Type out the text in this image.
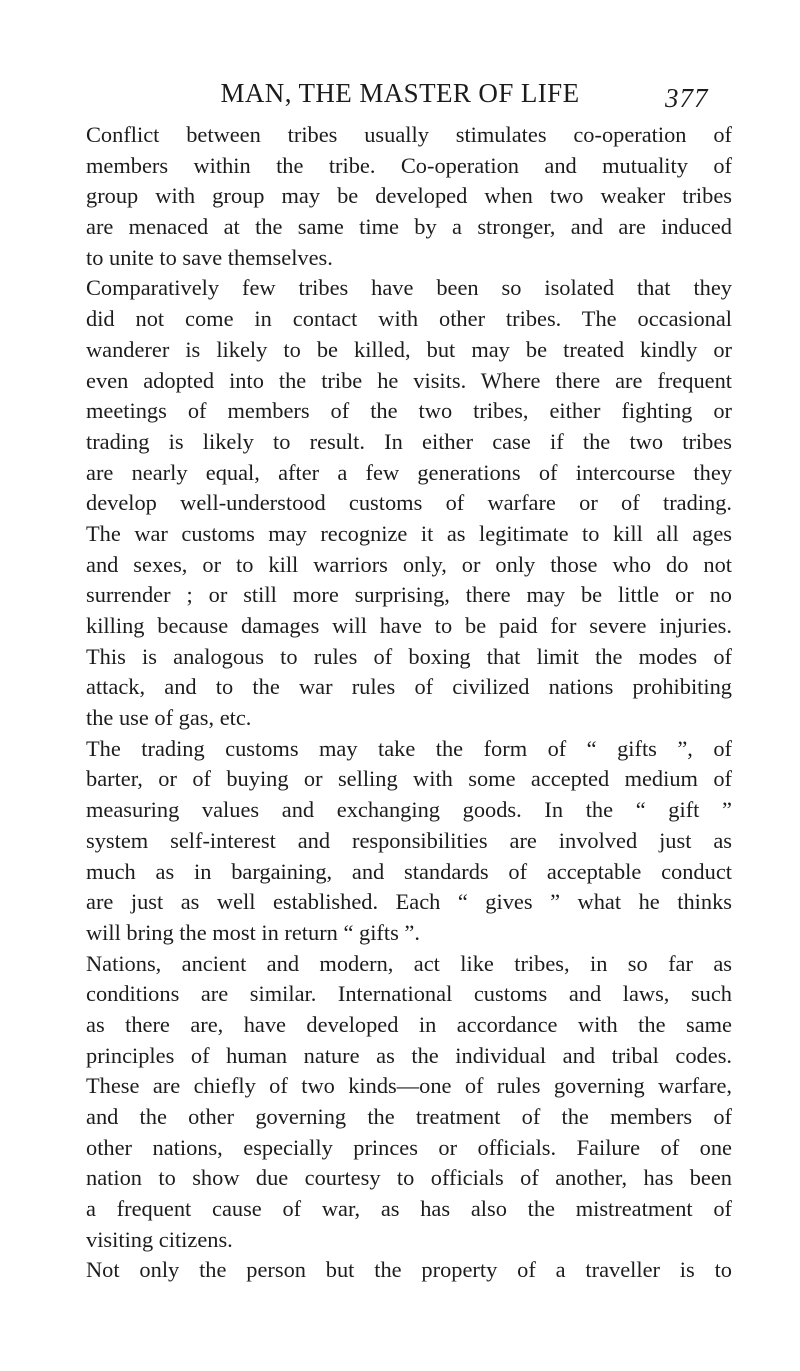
MAN, THE MASTER OF LIFE	377

Conflict between tribes usually stimulates co-operation of
members within the tribe. Co-operation and mutuality of
group with group may be developed when two weaker tribes
are menaced at the same time by a stronger, and are induced
to unite to save themselves.

Comparatively few tribes have been so isolated that they
did not come in contact with other tribes. The occasional
wanderer is likely to be killed, but may be treated kindly or
even adopted into the tribe he visits. Where there are frequent
meetings of members of the two tribes, either fighting or
trading is likely to result. In either case if the two tribes
are nearly equal, after a few generations of intercourse they
develop well-understood customs of warfare or of trading.
The war customs may recognize it as legitimate to kill all ages
and sexes, or to kill warriors only, or only those who do not
surrender ; or still more surprising, there may be little or no
killing because damages will have to be paid for severe injuries.
This is analogous to rules of boxing that limit the modes of
attack, and to the war rules of civilized nations prohibiting
the use of gas, etc.

The trading customs may take the form of “ gifts ”, of
barter, or of buying or selling with some accepted medium of
measuring values and exchanging goods. In the “ gift ”
system self-interest and responsibilities are involved just as
much as in bargaining, and standards of acceptable conduct
are just as well established. Each “ gives ” what he thinks
will bring the most in return “ gifts ”.

Nations, ancient and modern, act like tribes, in so far as
conditions are similar. International customs and laws, such
as there are, have developed in accordance with the same
principles of human nature as the individual and tribal codes.
These are chiefly of two kinds—one of rules governing warfare,
and the other governing the treatment of the members of
other nations, especially princes or officials. Failure of one
nation to show due courtesy to officials of another, has been
a frequent cause of war, as has also the mistreatment of
visiting citizens.

Not only the person but the property of a traveller is to
